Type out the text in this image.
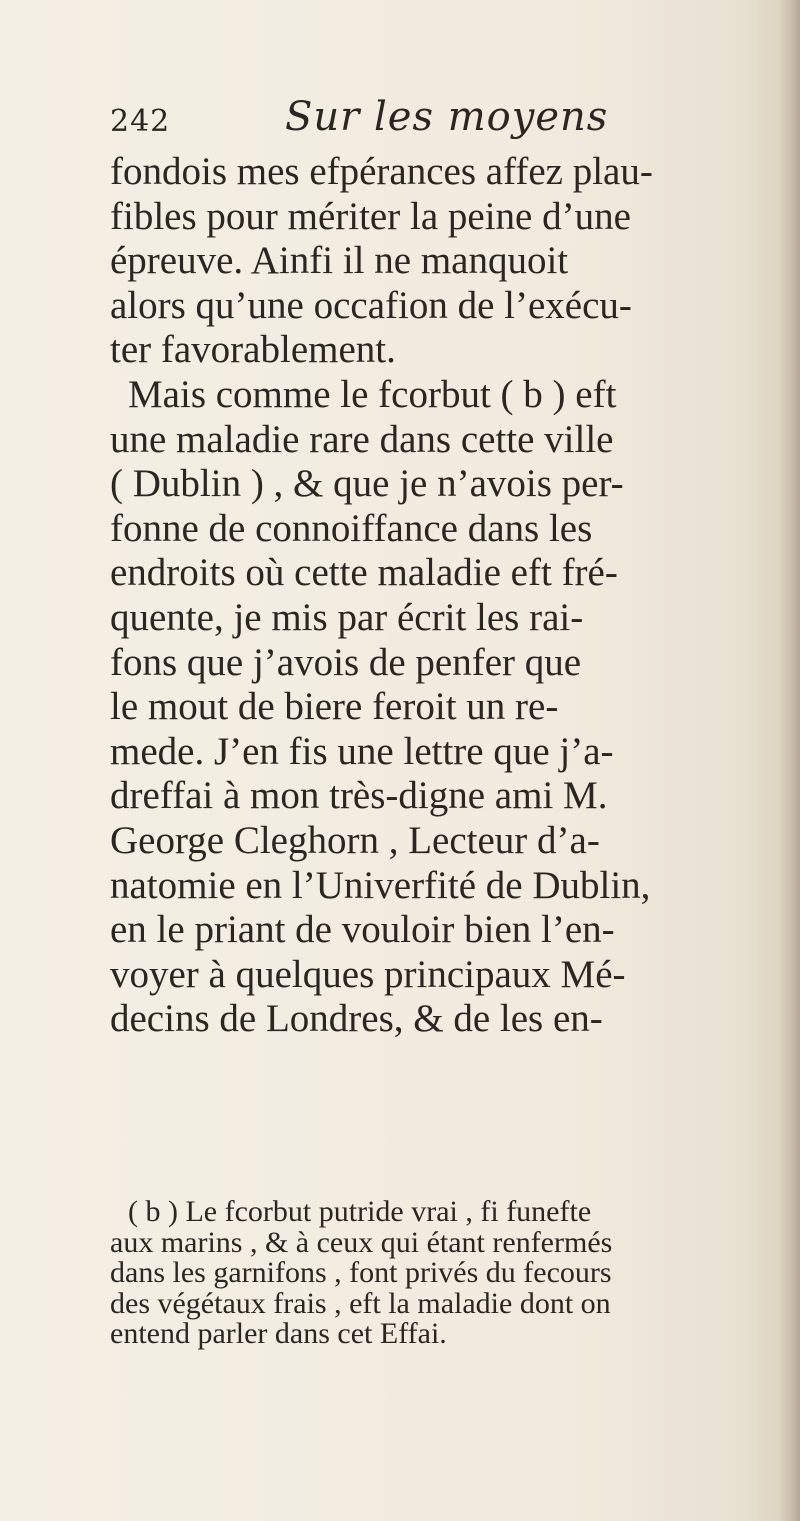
242	Sur les moyens
fondois mes efpérances affez plau-
fibles pour mériter la peine d’une
épreuve. Ainfi il ne manquoit
alors qu’une occafion de l’exécu-
ter favorablement.
Mais comme le fcorbut ( b ) eft
une maladie rare dans cette ville
( Dublin ) , & que je n’avois per-
fonne de connoiffance dans les
endroits où cette maladie eft fré-
quente, je mis par écrit les rai-
fons que j’avois de penfer que
le mout de biere feroit un re-
mede. J’en fis une lettre que j’a-
dreffai à mon très-digne ami M.
George Cleghorn , Lecteur d’a-
natomie en l’Univerfité de Dublin,
en le priant de vouloir bien l’en-
voyer à quelques principaux Mé-
decins de Londres, & de les en-
( b ) Le fcorbut putride vrai , fi funefte
aux marins , & à ceux qui étant renfermés
dans les garnifons , font privés du fecours
des végétaux frais , eft la maladie dont on
entend parler dans cet Effai.
